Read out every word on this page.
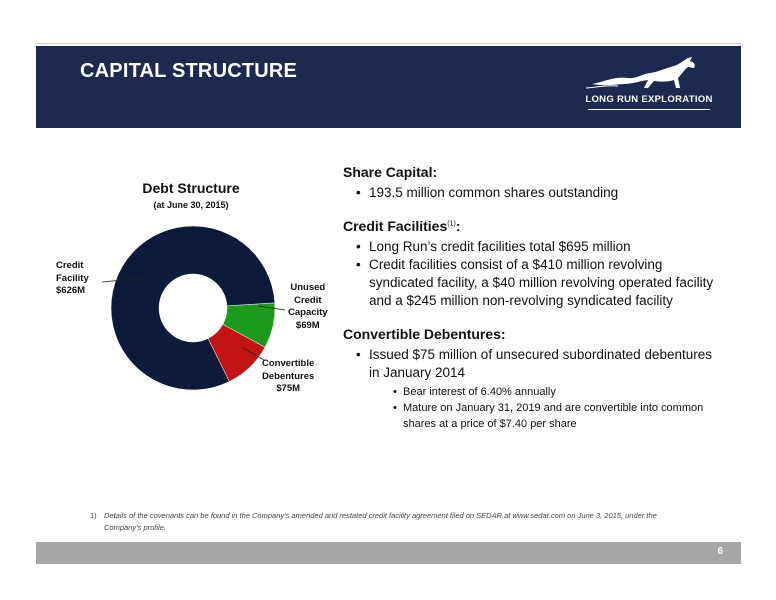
CAPITAL STRUCTURE
LONG RUN EXPLORATION
Debt Structure
(at June 30, 2015)
Credit
Facility
$626M	Unused
Credit
Capacity
$69M
Convertible
Debentures
$75M

Share Capital:

• 193.5 million common shares outstanding

Credit Facilities$^{(1)}$:

• Long Run’s credit facilities total $695 million
• Credit facilities consist of a $410 million revolving syndicated facility, a $40 million revolving operated facility and a $245 million non-revolving syndicated facility

Convertible Debentures:

• Issued $75 million of unsecured subordinated debentures in January 2014
• Bear interest of 6.40% annually
• Mature on January 31, 2019 and are convertible into common shares at a price of $7.40 per share
1) Details of the covenants can be found in the Company’s amended and restated credit facility agreement filed on SEDAR at www.sedar.com on June 3, 2015, under the Company’s profile.
6
